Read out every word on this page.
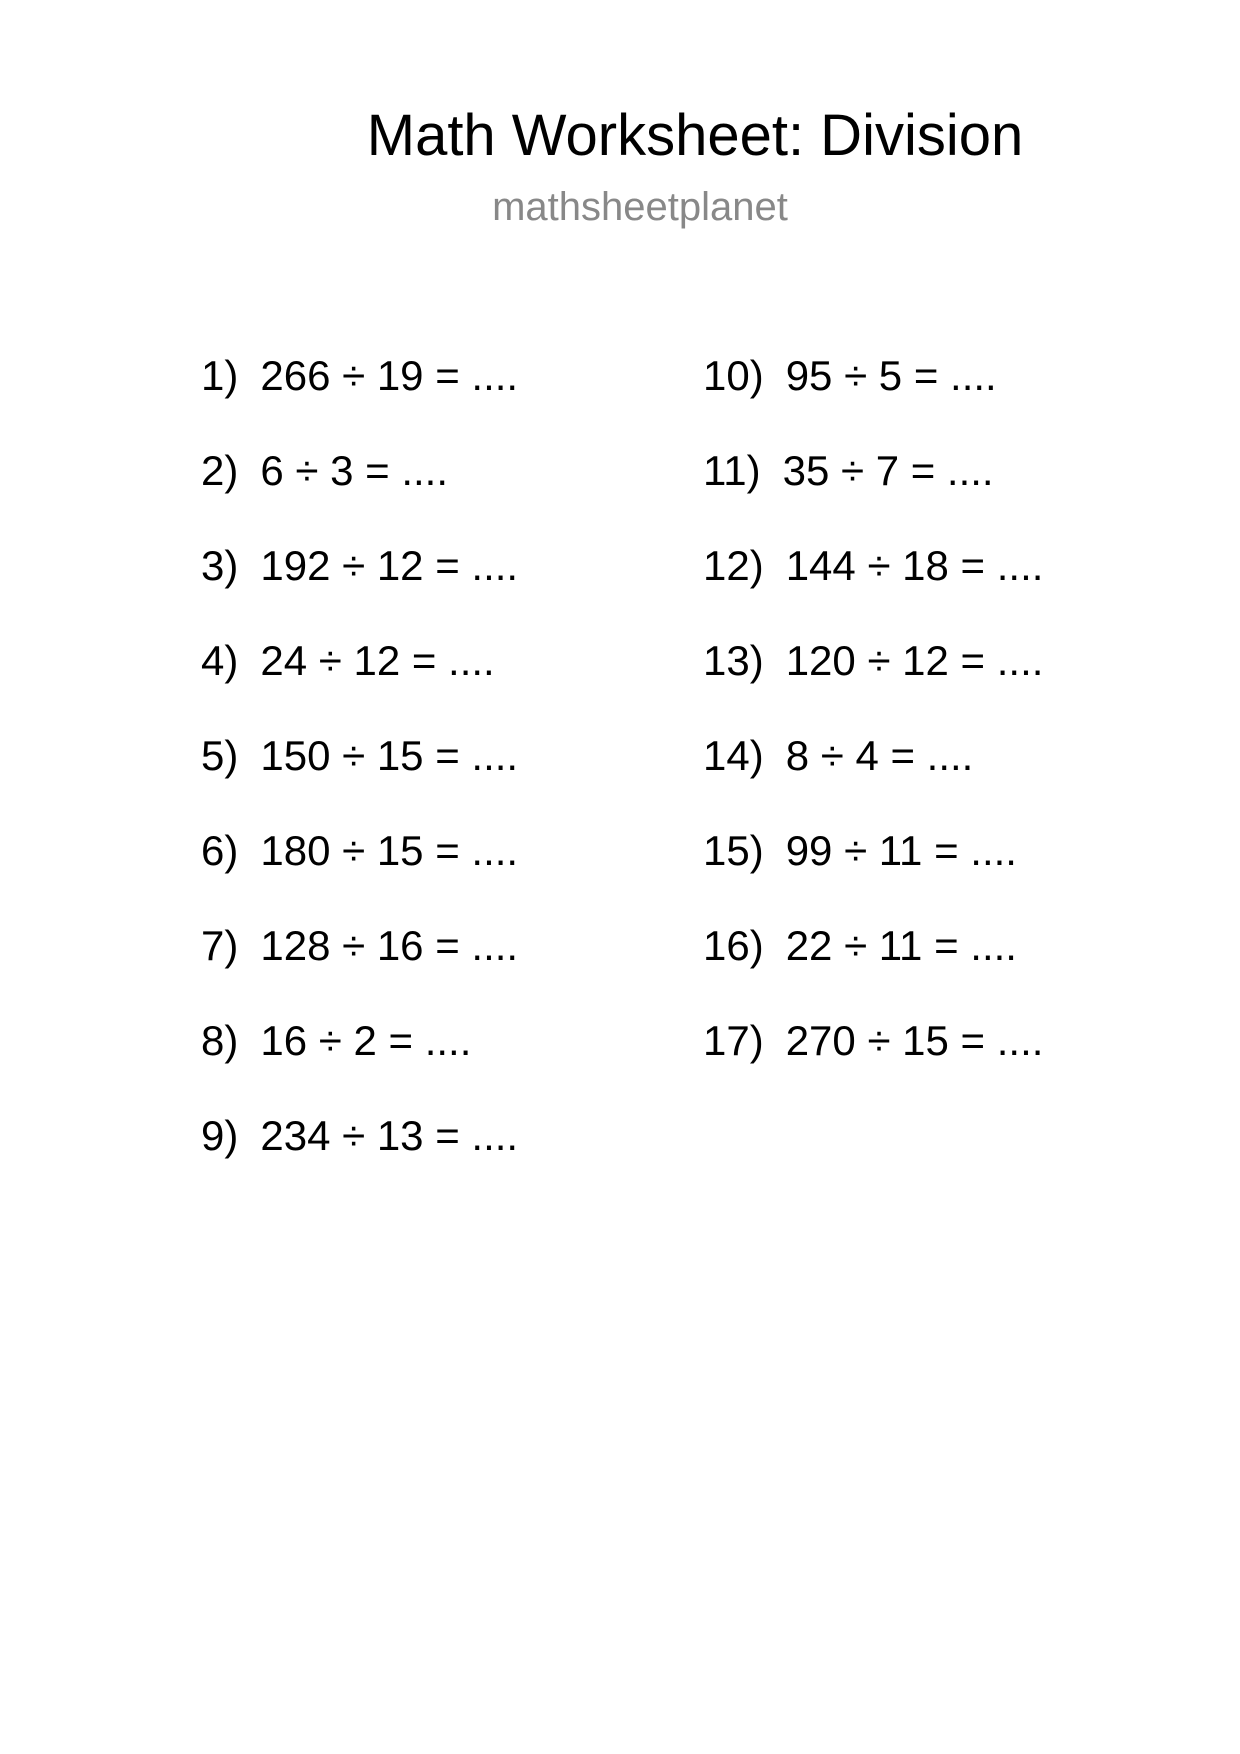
Math Worksheet: Division
mathsheetplanet
1) 266 ÷ 19 = ....
2) 6 ÷ 3 = ....
3) 192 ÷ 12 = ....
4) 24 ÷ 12 = ....
5) 150 ÷ 15 = ....
6) 180 ÷ 15 = ....
7) 128 ÷ 16 = ....
8) 16 ÷ 2 = ....
9) 234 ÷ 13 = ....
10) 95 ÷ 5 = ....
11) 35 ÷ 7 = ....
12) 144 ÷ 18 = ....
13) 120 ÷ 12 = ....
14) 8 ÷ 4 = ....
15) 99 ÷ 11 = ....
16) 22 ÷ 11 = ....
17) 270 ÷ 15 = ....
